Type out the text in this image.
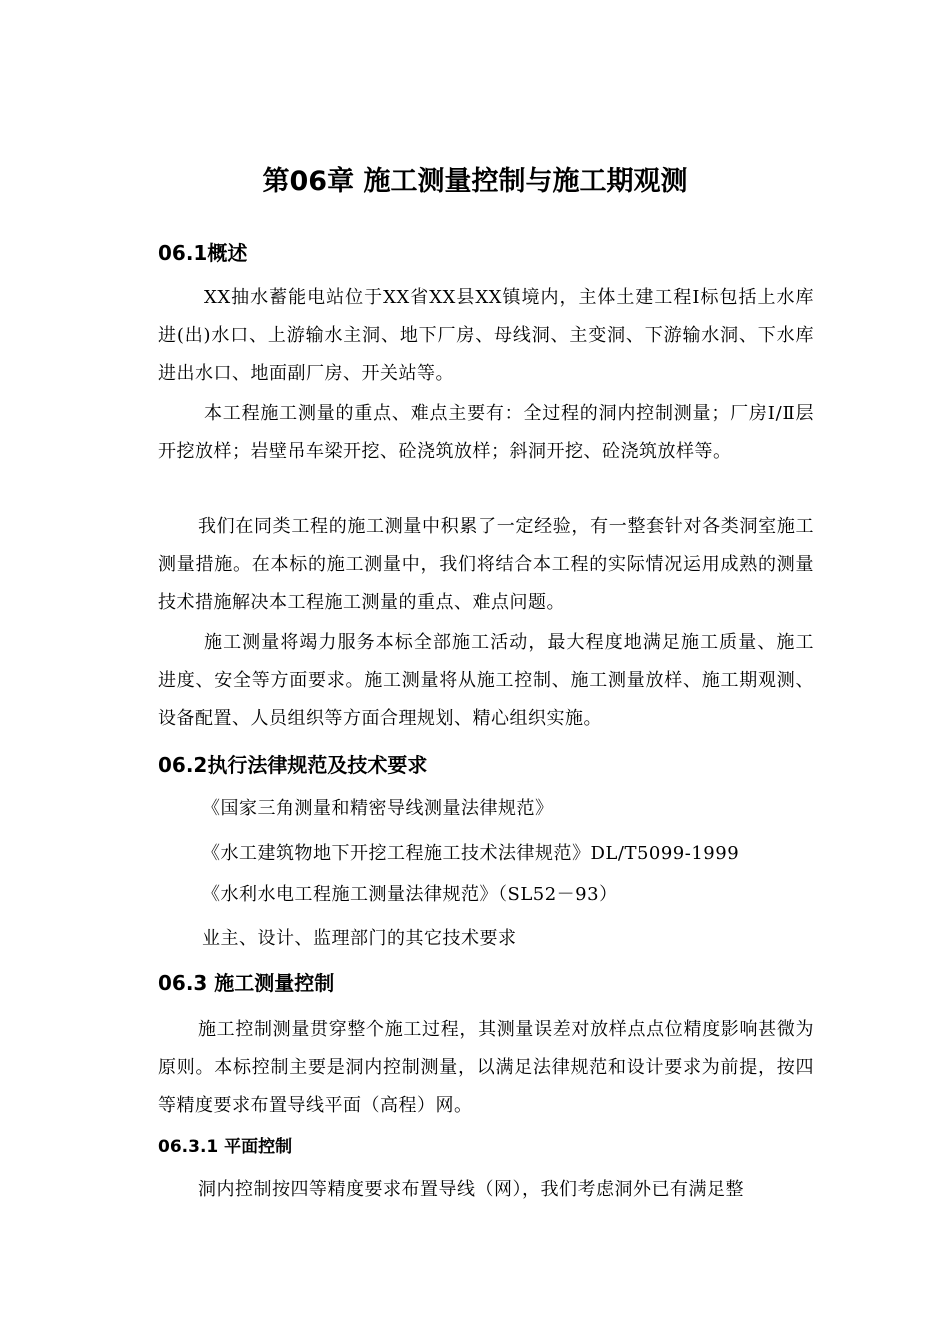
第06章 施工测量控制与施工期观测
06.1概述

XX抽水蓄能电站位于XX省XX县XX镇境内，主体土建工程Ⅰ标包括上水库进(出)水口、上游输水主洞、地下厂房、母线洞、主变洞、下游输水洞、下水库进出水口、地面副厂房、开关站等。

本工程施工测量的重点、难点主要有：全过程的洞内控制测量；厂房Ⅰ/Ⅱ层开挖放样；岩壁吊车梁开挖、砼浇筑放样；斜洞开挖、砼浇筑放样等。

我们在同类工程的施工测量中积累了一定经验，有一整套针对各类洞室施工测量措施。在本标的施工测量中，我们将结合本工程的实际情况运用成熟的测量技术措施解决本工程施工测量的重点、难点问题。

施工测量将竭力服务本标全部施工活动，最大程度地满足施工质量、施工进度、安全等方面要求。施工测量将从施工控制、施工测量放样、施工期观测、设备配置、人员组织等方面合理规划、精心组织实施。

06.2执行法律规范及技术要求

《国家三角测量和精密导线测量法律规范》

《水工建筑物地下开挖工程施工技术法律规范》DL/T5099-1999

《水利水电工程施工测量法律规范》（SL52－93）

业主、设计、监理部门的其它技术要求

06.3 施工测量控制

施工控制测量贯穿整个施工过程，其测量误差对放样点点位精度影响甚微为原则。本标控制主要是洞内控制测量，以满足法律规范和设计要求为前提，按四等精度要求布置导线平面（高程）网。

06.3.1 平面控制

洞内控制按四等精度要求布置导线（网），我们考虑洞外已有满足整
